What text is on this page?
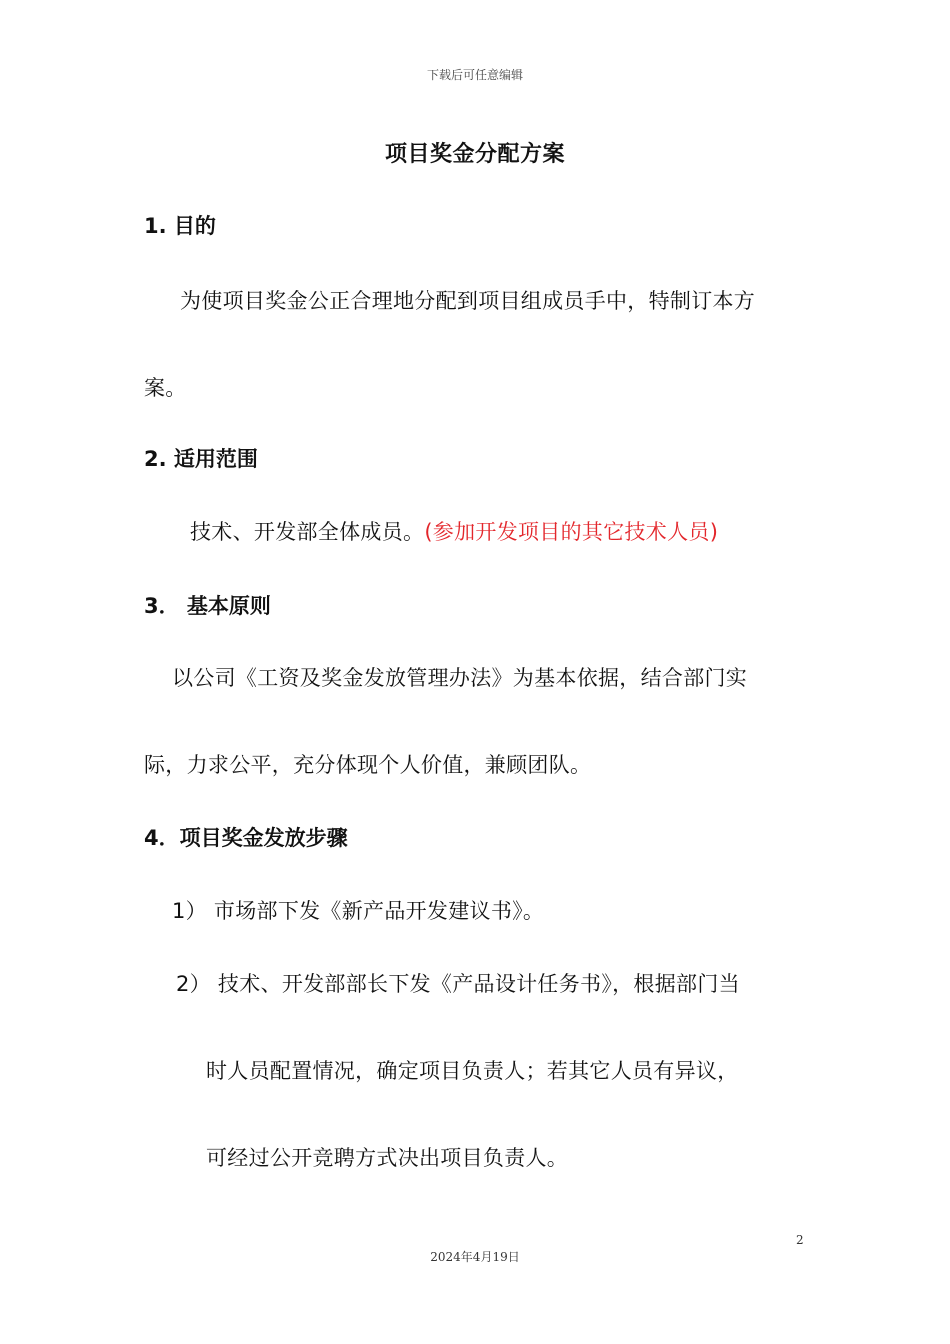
下载后可任意编辑
项目奖金分配方案
1. 目的
为使项目奖金公正合理地分配到项目组成员手中，特制订本方
案。
2. 适用范围
技术、开发部全体成员。(参加开发项目的其它技术人员)
3． 基本原则
以公司《工资及奖金发放管理办法》为基本依据，结合部门实
际，力求公平，充分体现个人价值，兼顾团队。
4．项目奖金发放步骤
1） 市场部下发《新产品开发建议书》。
2） 技术、开发部部长下发《产品设计任务书》，根据部门当
时人员配置情况，确定项目负责人；若其它人员有异议，
可经过公开竞聘方式决出项目负责人。
2
2024年4月19日
